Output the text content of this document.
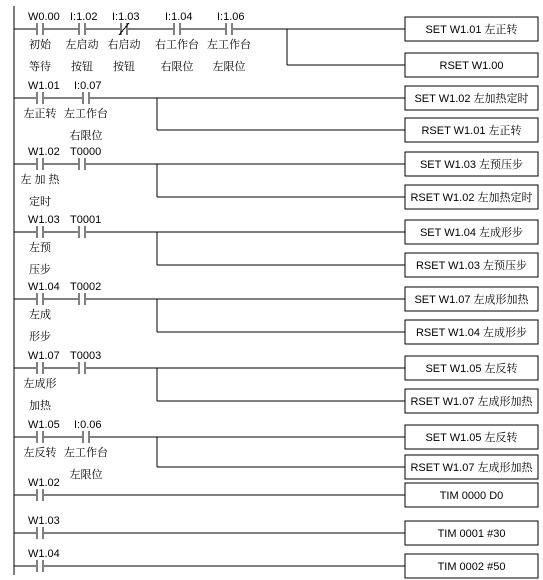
W0.00
初始
等待
I:1.02
左启动
按钮
I:1.03
右启动
按钮
I:1.04
右工作台
右限位
I:1.06
左工作台
左限位
SET W1.01 左正转
RSET W1.00
W1.01
左正转
I:0.07
左工作台
右限位
SET W1.02 左加热定时
RSET W1.01 左正转
W1.02
左 加 热
定时
T0000
SET W1.03 左预压步
RSET W1.02 左加热定时
W1.03
左预
压步
T0001
SET W1.04 左成形步
RSET W1.03 左预压步
W1.04
左成
形步
T0002
SET W1.07 左成形加热
RSET W1.04 左成形步
W1.07
左成形
加热
T0003
SET W1.05 左反转
RSET W1.07 左成形加热
W1.05
左反转
I:0.06
左工作台
左限位
SET W1.05 左反转
RSET W1.07 左成形加热
W1.02
TIM 0000 D0
W1.03
TIM 0001 #30
W1.04
TIM 0002 #50
